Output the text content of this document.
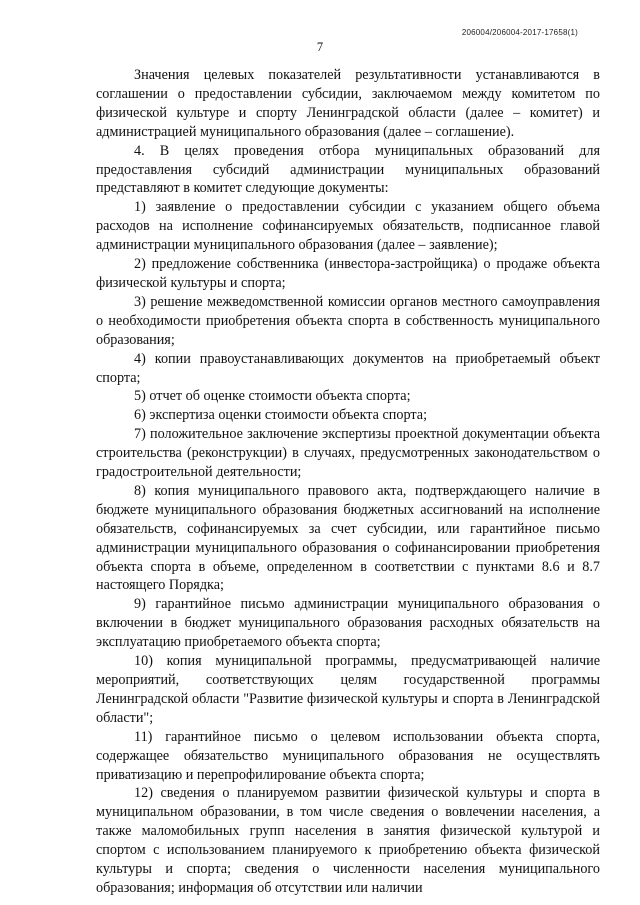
206004/206004-2017-17658(1)
7

Значения целевых показателей результативности устанавливаются в соглашении о предоставлении субсидии, заключаемом между комитетом по физической культуре и спорту Ленинградской области (далее – комитет) и администрацией муниципального образования (далее – соглашение).

4. В целях проведения отбора муниципальных образований для предоставления субсидий администрации муниципальных образований представляют в комитет следующие документы:

1) заявление о предоставлении субсидии с указанием общего объема расходов на исполнение софинансируемых обязательств, подписанное главой администрации муниципального образования (далее – заявление);

2) предложение собственника (инвестора-застройщика) о продаже объекта физической культуры и спорта;

3) решение межведомственной комиссии органов местного самоуправления о необходимости приобретения объекта спорта в собственность муниципального образования;

4) копии правоустанавливающих документов на приобретаемый объект спорта;

5) отчет об оценке стоимости объекта спорта;

6) экспертиза оценки стоимости объекта спорта;

7) положительное заключение экспертизы проектной документации объекта строительства (реконструкции) в случаях, предусмотренных законодательством о градостроительной деятельности;

8) копия муниципального правового акта, подтверждающего наличие в бюджете муниципального образования бюджетных ассигнований на исполнение обязательств, софинансируемых за счет субсидии, или гарантийное письмо администрации муниципального образования о софинансировании приобретения объекта спорта в объеме, определенном в соответствии с пунктами 8.6 и 8.7 настоящего Порядка;

9) гарантийное письмо администрации муниципального образования о включении в бюджет муниципального образования расходных обязательств на эксплуатацию приобретаемого объекта спорта;

10) копия муниципальной программы, предусматривающей наличие мероприятий, соответствующих целям государственной программы Ленинградской области "Развитие физической культуры и спорта в Ленинградской области";

11) гарантийное письмо о целевом использовании объекта спорта, содержащее обязательство муниципального образования не осуществлять приватизацию и перепрофилирование объекта спорта;

12) сведения о планируемом развитии физической культуры и спорта в муниципальном образовании, в том числе сведения о вовлечении населения, а также маломобильных групп населения в занятия физической культурой и спортом с использованием планируемого к приобретению объекта физической культуры и спорта; сведения о численности населения муниципального образования; информация об отсутствии или наличии
